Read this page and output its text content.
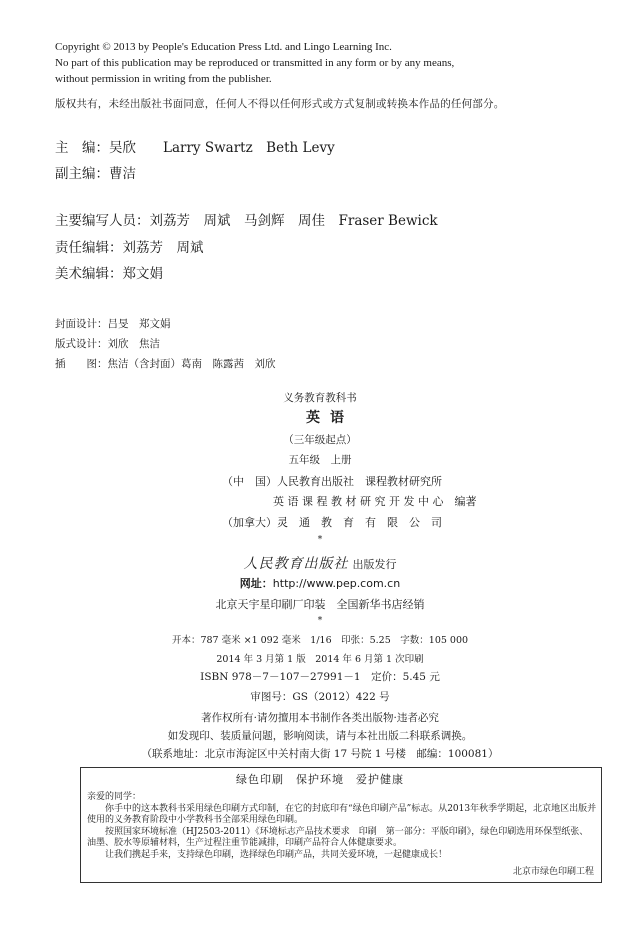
Copyright © 2013 by People's Education Press Ltd. and Lingo Learning Inc.
No part of this publication may be reproduced or transmitted in any form or by any means,
without permission in writing from the publisher.
版权共有，未经出版社书面同意，任何人不得以任何形式或方式复制或转换本作品的任何部分。
主　编：吴欣　　Larry Swartz　Beth Levy
副主编：曹洁
主要编写人员：刘荔芳　周斌　马剑辉　周佳　Fraser Bewick
责任编辑：刘荔芳　周斌
美术编辑：郑文娟
封面设计：吕旻　郑文娟
版式设计：刘欣　焦洁
插　　图：焦洁（含封面）葛南　陈露茜　刘欣
义务教育教科书
英语
（三年级起点）
五年级　上册
（中　国）人民教育出版社　课程教材研究所
英 语 课 程 教 材 研 究 开 发 中 心　编著
（加拿大）灵　通　教　育　有　限　公　司
*
人民教育出版社 出版发行
网址：http://www.pep.com.cn
北京天宇星印刷厂印装　全国新华书店经销
*
开本：787 毫米 ×1 092 毫米　1/16　印张：5.25　字数：105 000
2014 年 3 月第 1 版　2014 年 6 月第 1 次印刷
ISBN 978－7－107－27991－1　定价：5.45 元
审图号：GS（2012）422 号
著作权所有·请勿擅用本书制作各类出版物·违者必究
如发现印、装质量问题，影响阅读，请与本社出版二科联系调换。
（联系地址：北京市海淀区中关村南大街 17 号院 1 号楼　邮编：100081）
绿色印刷　保护环境　爱护健康

亲爱的同学：

　　你手中的这本教科书采用绿色印刷方式印制，在它的封底印有“绿色印刷产品”标志。从2013年秋季学期起，北京地区出版并使用的义务教育阶段中小学教科书全部采用绿色印刷。

　　按照国家环境标准（HJ2503-2011）《环境标志产品技术要求　印刷　第一部分：平版印刷》，绿色印刷选用环保型纸张、油墨、胶水等原辅材料，生产过程注重节能减排，印刷产品符合人体健康要求。

　　让我们携起手来，支持绿色印刷，选择绿色印刷产品，共同关爱环境，一起健康成长！

北京市绿色印刷工程
